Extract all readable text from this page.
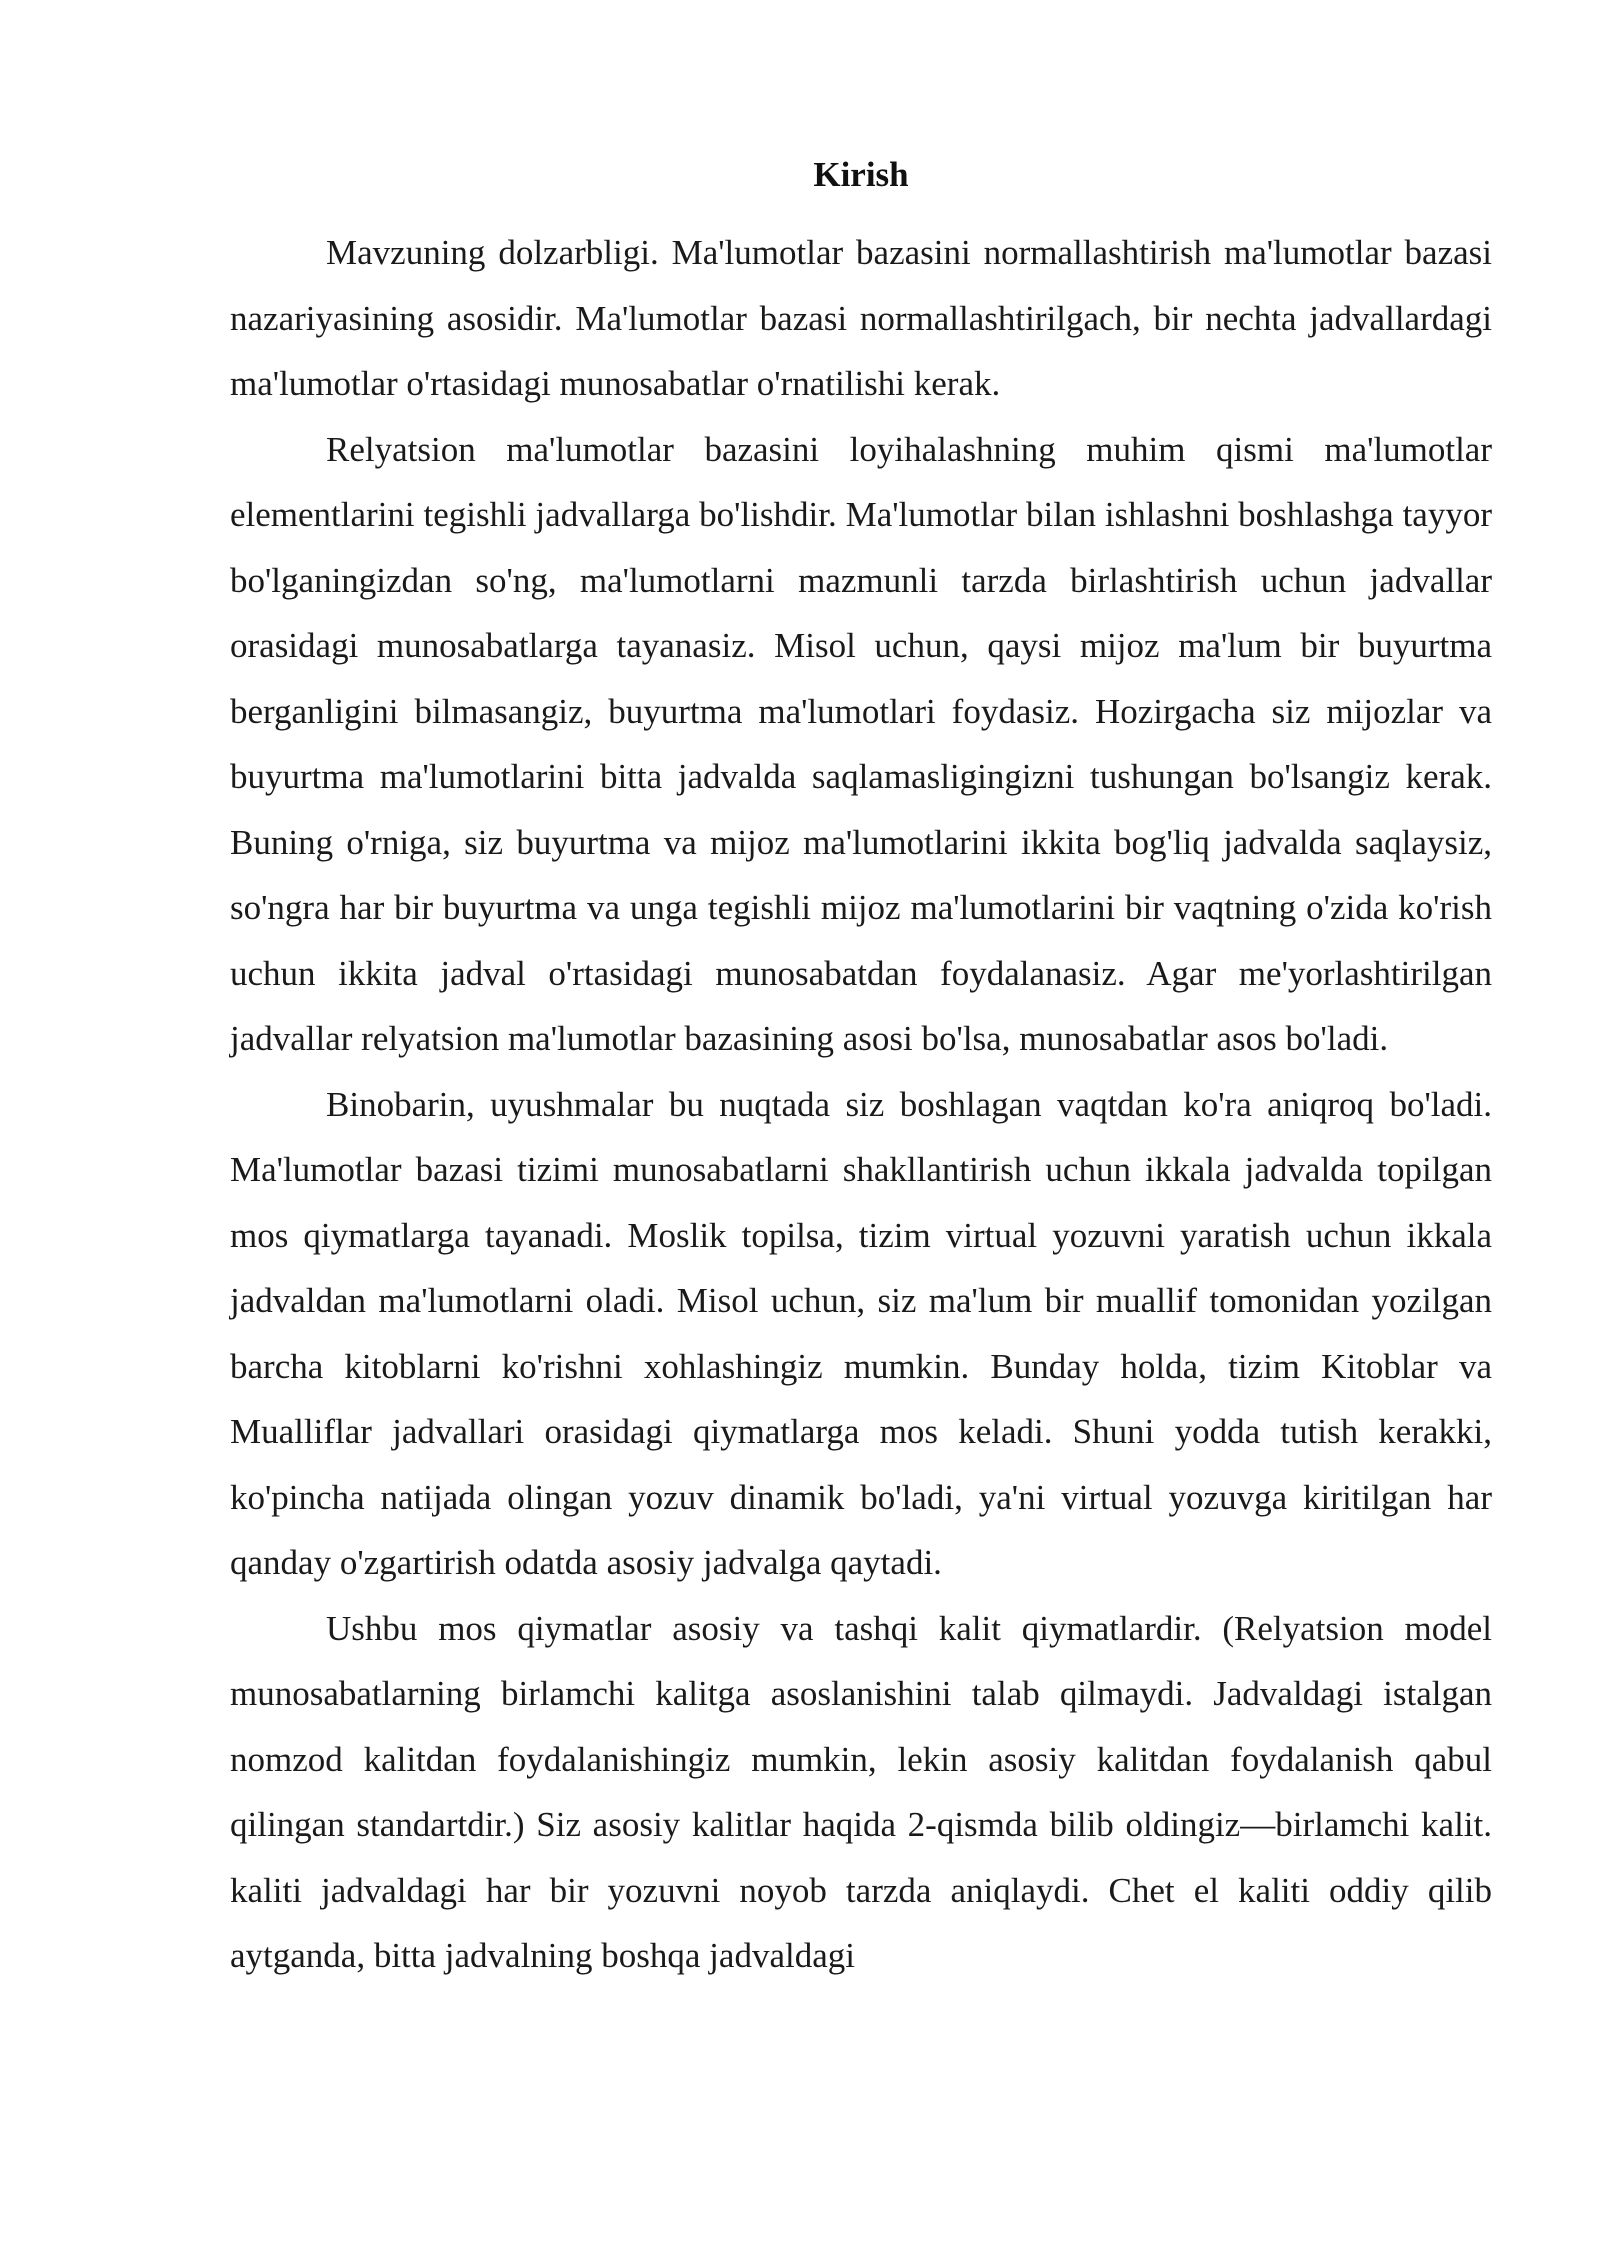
Kirish

Mavzuning dolzarbligi. Ma'lumotlar bazasini normallashtirish ma'lumotlar bazasi nazariyasining asosidir. Ma'lumotlar bazasi normallashtirilgach, bir nechta jadvallardagi ma'lumotlar o'rtasidagi munosabatlar o'rnatilishi kerak.

Relyatsion ma'lumotlar bazasini loyihalashning muhim qismi ma'lumotlar elementlarini tegishli jadvallarga bo'lishdir. Ma'lumotlar bilan ishlashni boshlashga tayyor bo'lganingizdan so'ng, ma'lumotlarni mazmunli tarzda birlashtirish uchun jadvallar orasidagi munosabatlarga tayanasiz. Misol uchun, qaysi mijoz ma'lum bir buyurtma berganligini bilmasangiz, buyurtma ma'lumotlari foydasiz. Hozirgacha siz mijozlar va buyurtma ma'lumotlarini bitta jadvalda saqlamasligingizni tushungan bo'lsangiz kerak. Buning o'rniga, siz buyurtma va mijoz ma'lumotlarini ikkita bog'liq jadvalda saqlaysiz, so'ngra har bir buyurtma va unga tegishli mijoz ma'lumotlarini bir vaqtning o'zida ko'rish uchun ikkita jadval o'rtasidagi munosabatdan foydalanasiz. Agar me'yorlashtirilgan jadvallar relyatsion ma'lumotlar bazasining asosi bo'lsa, munosabatlar asos bo'ladi.

Binobarin, uyushmalar bu nuqtada siz boshlagan vaqtdan ko'ra aniqroq bo'ladi. Ma'lumotlar bazasi tizimi munosabatlarni shakllantirish uchun ikkala jadvalda topilgan mos qiymatlarga tayanadi. Moslik topilsa, tizim virtual yozuvni yaratish uchun ikkala jadvaldan ma'lumotlarni oladi. Misol uchun, siz ma'lum bir muallif tomonidan yozilgan barcha kitoblarni ko'rishni xohlashingiz mumkin. Bunday holda, tizim Kitoblar va Mualliflar jadvallari orasidagi qiymatlarga mos keladi. Shuni yodda tutish kerakki, ko'pincha natijada olingan yozuv dinamik bo'ladi, ya'ni virtual yozuvga kiritilgan har qanday o'zgartirish odatda asosiy jadvalga qaytadi.

Ushbu mos qiymatlar asosiy va tashqi kalit qiymatlardir. (Relyatsion model munosabatlarning birlamchi kalitga asoslanishini talab qilmaydi. Jadvaldagi istalgan nomzod kalitdan foydalanishingiz mumkin, lekin asosiy kalitdan foydalanish qabul qilingan standartdir.) Siz asosiy kalitlar haqida 2-qismda bilib oldingiz—birlamchi kalit. kaliti jadvaldagi har bir yozuvni noyob tarzda aniqlaydi. Chet el kaliti oddiy qilib aytganda, bitta jadvalning boshqa jadvaldagi
